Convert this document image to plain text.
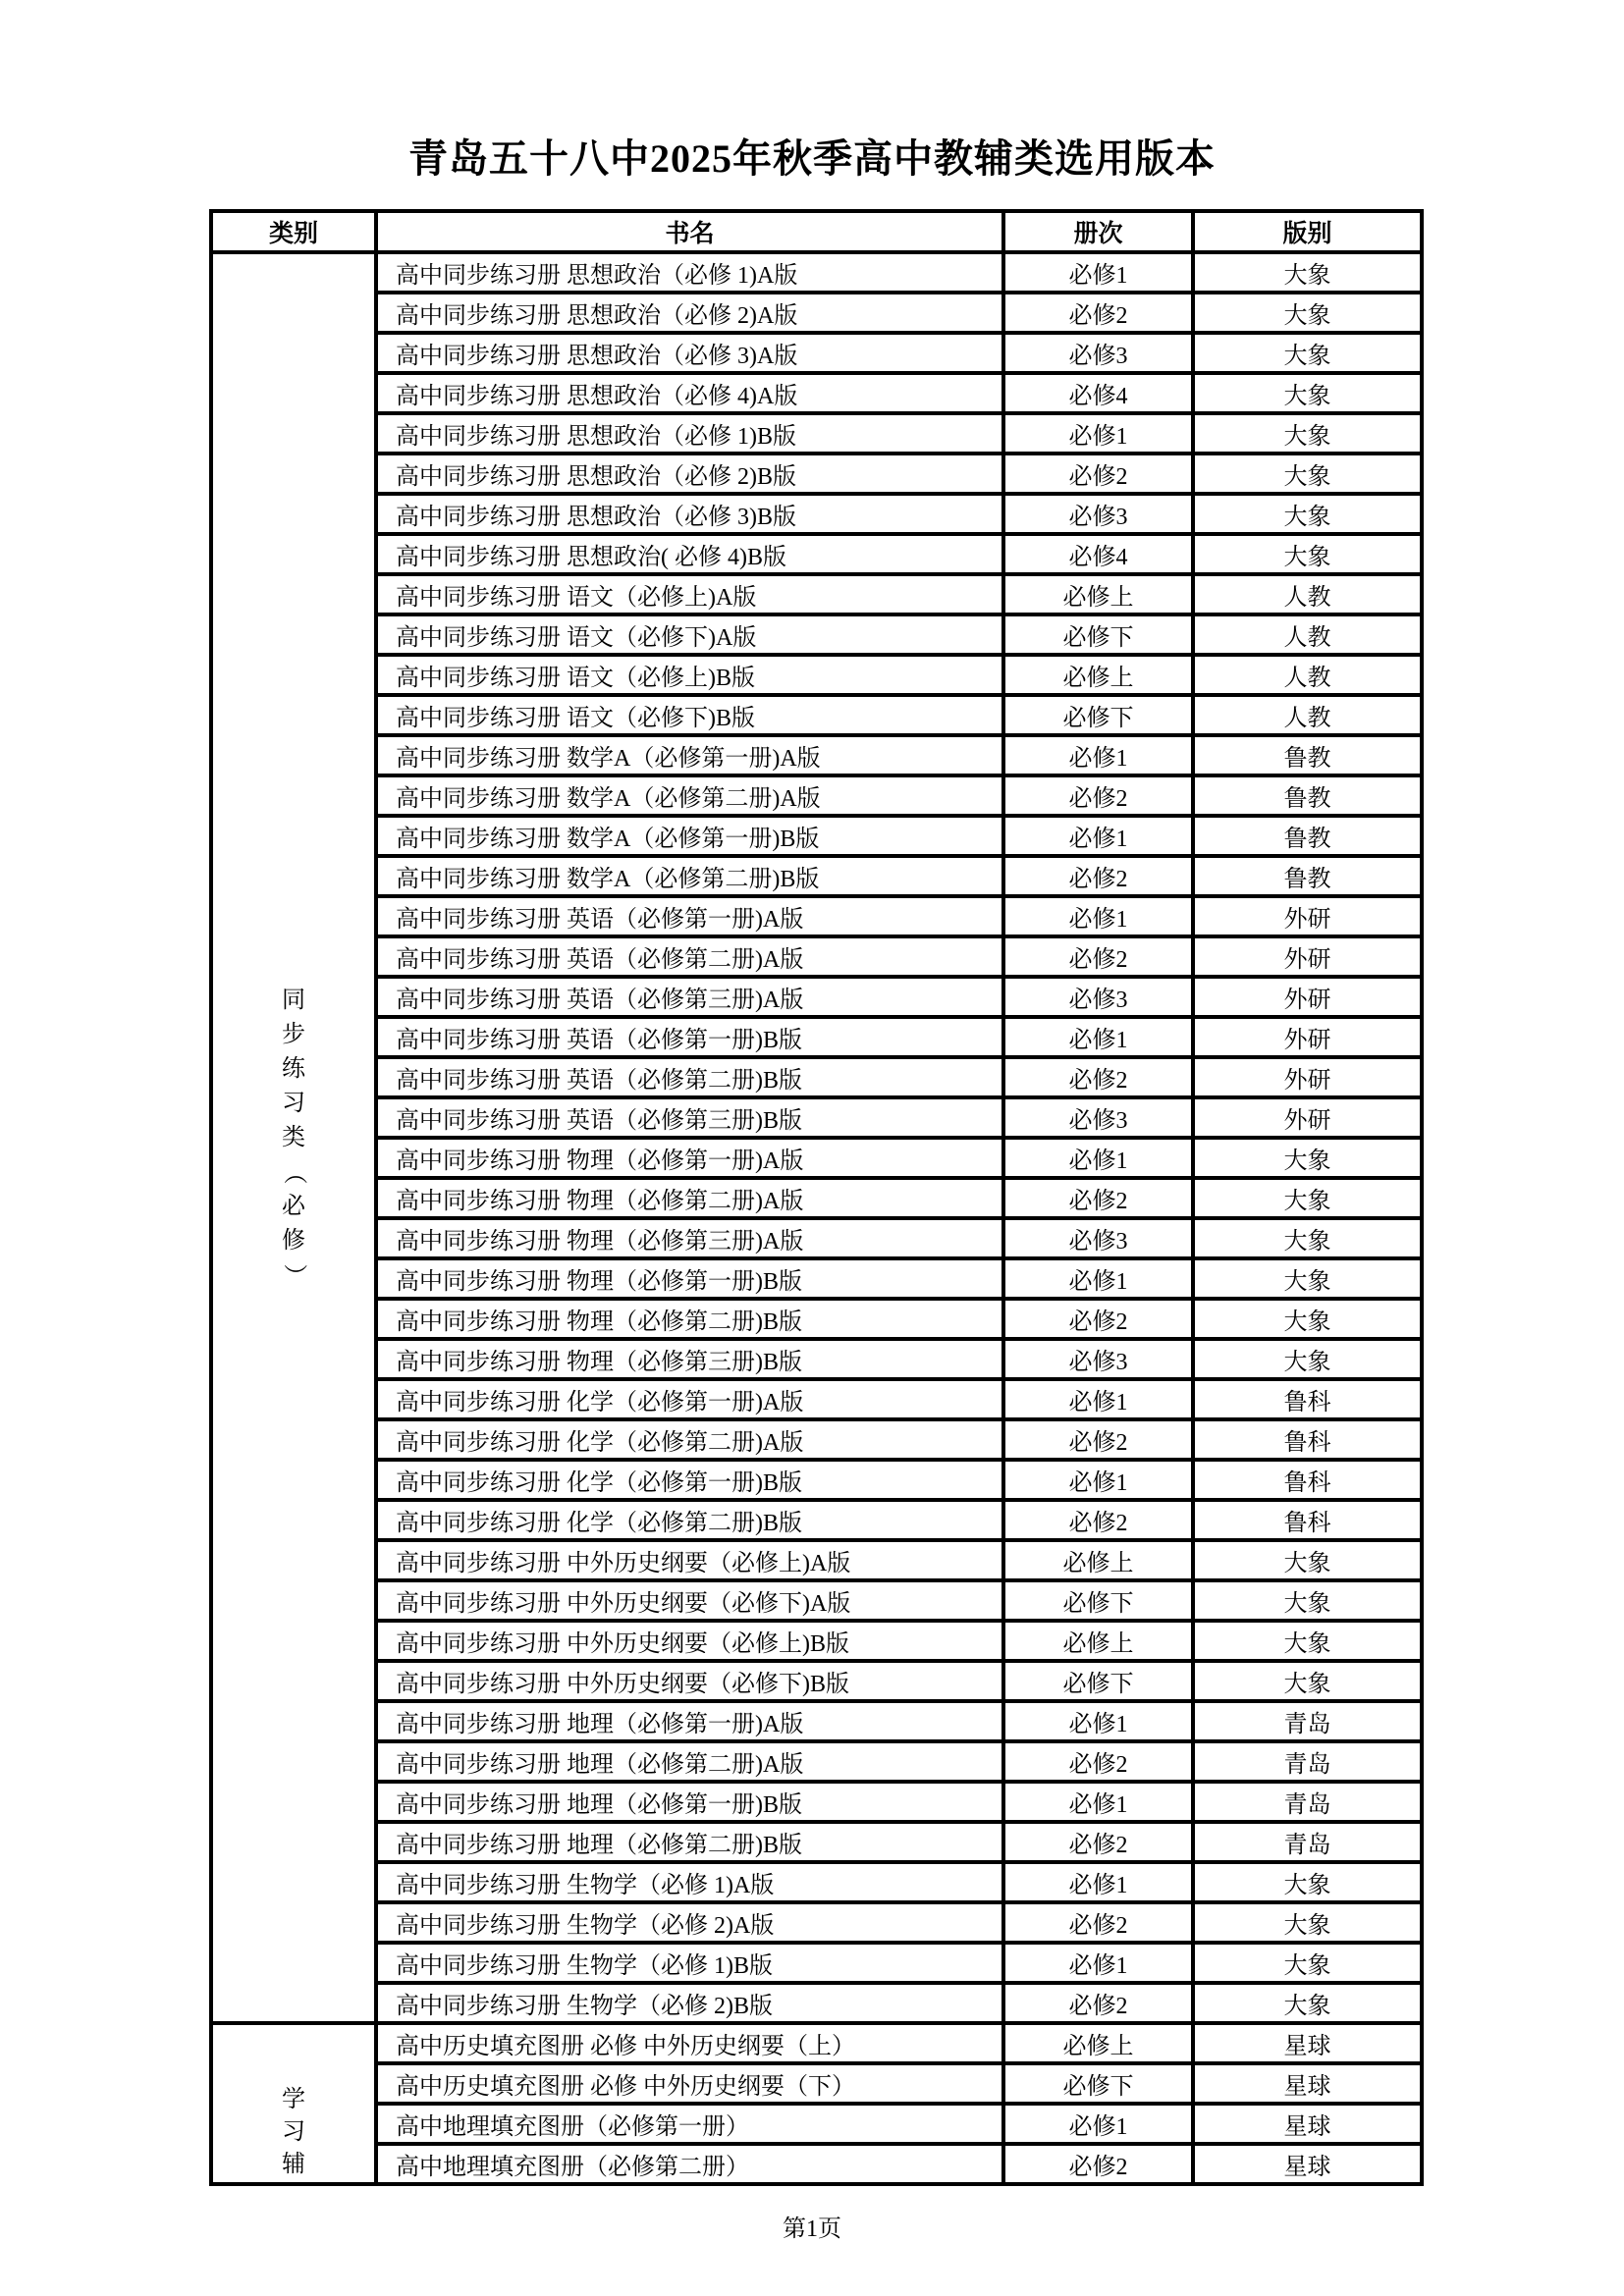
青岛五十八中2025年秋季高中教辅类选用版本
类别	书名	册次	版别

同
步
练
习
类
（
必
修
）
	高中同步练习册 思想政治（必修 1)A版	必修1	大象
	高中同步练习册 思想政治（必修 2)A版	必修2	大象
	高中同步练习册 思想政治（必修 3)A版	必修3	大象
	高中同步练习册 思想政治（必修 4)A版	必修4	大象
	高中同步练习册 思想政治（必修 1)B版	必修1	大象
	高中同步练习册 思想政治（必修 2)B版	必修2	大象
	高中同步练习册 思想政治（必修 3)B版	必修3	大象
	高中同步练习册 思想政治( 必修 4)B版	必修4	大象
	高中同步练习册 语文（必修上)A版	必修上	人教
	高中同步练习册 语文（必修下)A版	必修下	人教
	高中同步练习册 语文（必修上)B版	必修上	人教
	高中同步练习册 语文（必修下)B版	必修下	人教
	高中同步练习册 数学A（必修第一册)A版	必修1	鲁教
	高中同步练习册 数学A（必修第二册)A版	必修2	鲁教
	高中同步练习册 数学A（必修第一册)B版	必修1	鲁教
	高中同步练习册 数学A（必修第二册)B版	必修2	鲁教
	高中同步练习册 英语（必修第一册)A版	必修1	外研
	高中同步练习册 英语（必修第二册)A版	必修2	外研
	高中同步练习册 英语（必修第三册)A版	必修3	外研
	高中同步练习册 英语（必修第一册)B版	必修1	外研
	高中同步练习册 英语（必修第二册)B版	必修2	外研
	高中同步练习册 英语（必修第三册)B版	必修3	外研
	高中同步练习册 物理（必修第一册)A版	必修1	大象
	高中同步练习册 物理（必修第二册)A版	必修2	大象
	高中同步练习册 物理（必修第三册)A版	必修3	大象
	高中同步练习册 物理（必修第一册)B版	必修1	大象
	高中同步练习册 物理（必修第二册)B版	必修2	大象
	高中同步练习册 物理（必修第三册)B版	必修3	大象
	高中同步练习册 化学（必修第一册)A版	必修1	鲁科
	高中同步练习册 化学（必修第二册)A版	必修2	鲁科
	高中同步练习册 化学（必修第一册)B版	必修1	鲁科
	高中同步练习册 化学（必修第二册)B版	必修2	鲁科
	高中同步练习册 中外历史纲要（必修上)A版	必修上	大象
	高中同步练习册 中外历史纲要（必修下)A版	必修下	大象
	高中同步练习册 中外历史纲要（必修上)B版	必修上	大象
	高中同步练习册 中外历史纲要（必修下)B版	必修下	大象
	高中同步练习册 地理（必修第一册)A版	必修1	青岛
	高中同步练习册 地理（必修第二册)A版	必修2	青岛
	高中同步练习册 地理（必修第一册)B版	必修1	青岛
	高中同步练习册 地理（必修第二册)B版	必修2	青岛
	高中同步练习册 生物学（必修 1)A版	必修1	大象
	高中同步练习册 生物学（必修 2)A版	必修2	大象
	高中同步练习册 生物学（必修 1)B版	必修1	大象
	高中同步练习册 生物学（必修 2)B版	必修2	大象

学
习
辅	高中历史填充图册 必修 中外历史纲要（上）	必修上	星球
	高中历史填充图册 必修 中外历史纲要（下）	必修下	星球
	高中地理填充图册（必修第一册）	必修1	星球
	高中地理填充图册（必修第二册）	必修2	星球
第1页
